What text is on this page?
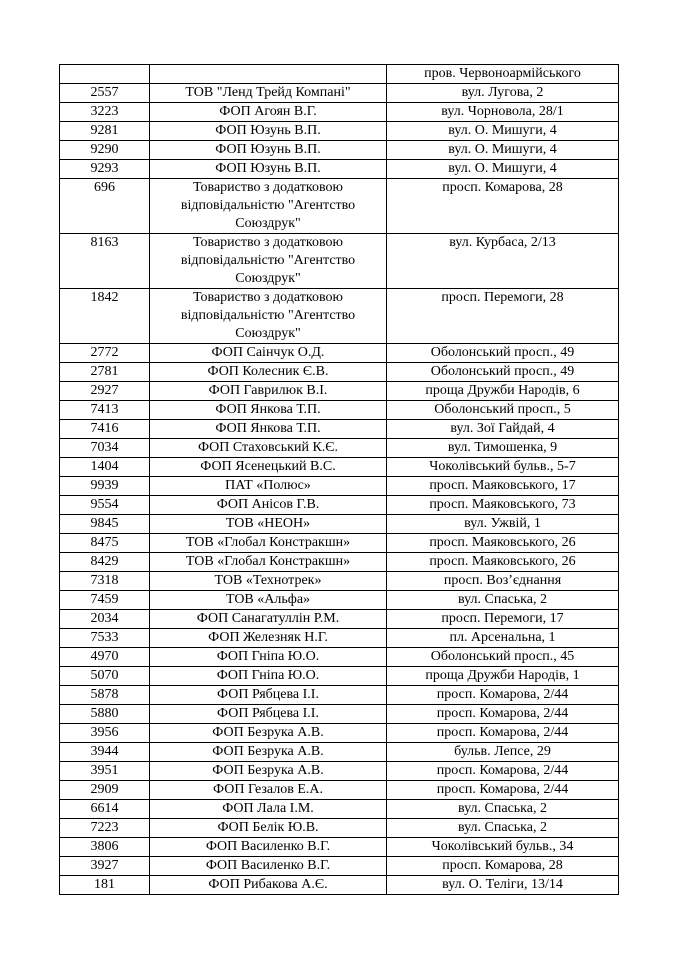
		пров. Червоноармійського
2557	ТОВ "Ленд Трейд Компані"	вул. Лугова, 2
3223	ФОП Агоян В.Г.	вул. Чорновола, 28/1
9281	ФОП Юзунь В.П.	вул. О. Мишуги, 4
9290	ФОП Юзунь В.П.	вул. О. Мишуги, 4
9293	ФОП Юзунь В.П.	вул. О. Мишуги, 4
696	Товариство з додатковою
відповідальністю "Агентство
Союздрук"	просп. Комарова, 28
8163	Товариство з додатковою
відповідальністю "Агентство
Союздрук"	вул. Курбаса, 2/13
1842	Товариство з додатковою
відповідальністю "Агентство
Союздрук"	просп. Перемоги, 28
2772	ФОП Саінчук О.Д.	Оболонський просп., 49
2781	ФОП Колесник Є.В.	Оболонський просп., 49
2927	ФОП Гаврилюк В.І.	проща Дружби Народів, 6
7413	ФОП Янкова Т.П.	Оболонський просп., 5
7416	ФОП Янкова Т.П.	вул. Зої Гайдай, 4
7034	ФОП Стаховський К.Є.	вул. Тимошенка, 9
1404	ФОП Ясенецький В.С.	Чоколівський бульв., 5-7
9939	ПАТ «Полюс»	просп. Маяковського, 17
9554	ФОП Анісов Г.В.	просп. Маяковського, 73
9845	ТОВ «НЕОН»	вул. Ужвій, 1
8475	ТОВ «Глобал Констракшн»	просп. Маяковського, 26
8429	ТОВ «Глобал Констракшн»	просп. Маяковського, 26
7318	ТОВ «Технотрек»	просп. Воз’єднання
7459	ТОВ «Альфа»	вул. Спаська, 2
2034	ФОП Санагатуллін Р.М.	просп. Перемоги, 17
7533	ФОП Железняк Н.Г.	пл. Арсенальна, 1
4970	ФОП Гніпа Ю.О.	Оболонський просп., 45
5070	ФОП Гніпа Ю.О.	проща Дружби Народів, 1
5878	ФОП Рябцева І.І.	просп. Комарова, 2/44
5880	ФОП Рябцева І.І.	просп. Комарова, 2/44
3956	ФОП Безрука А.В.	просп. Комарова, 2/44
3944	ФОП Безрука А.В.	бульв. Лепсе, 29
3951	ФОП Безрука А.В.	просп. Комарова, 2/44
2909	ФОП Гезалов Е.А.	просп. Комарова, 2/44
6614	ФОП Лала І.М.	вул. Спаська, 2
7223	ФОП Белік Ю.В.	вул. Спаська, 2
3806	ФОП Василенко В.Г.	Чоколівський бульв., 34
3927	ФОП Василенко В.Г.	просп. Комарова, 28
181	ФОП Рибакова А.Є.	вул. О. Теліги, 13/14
